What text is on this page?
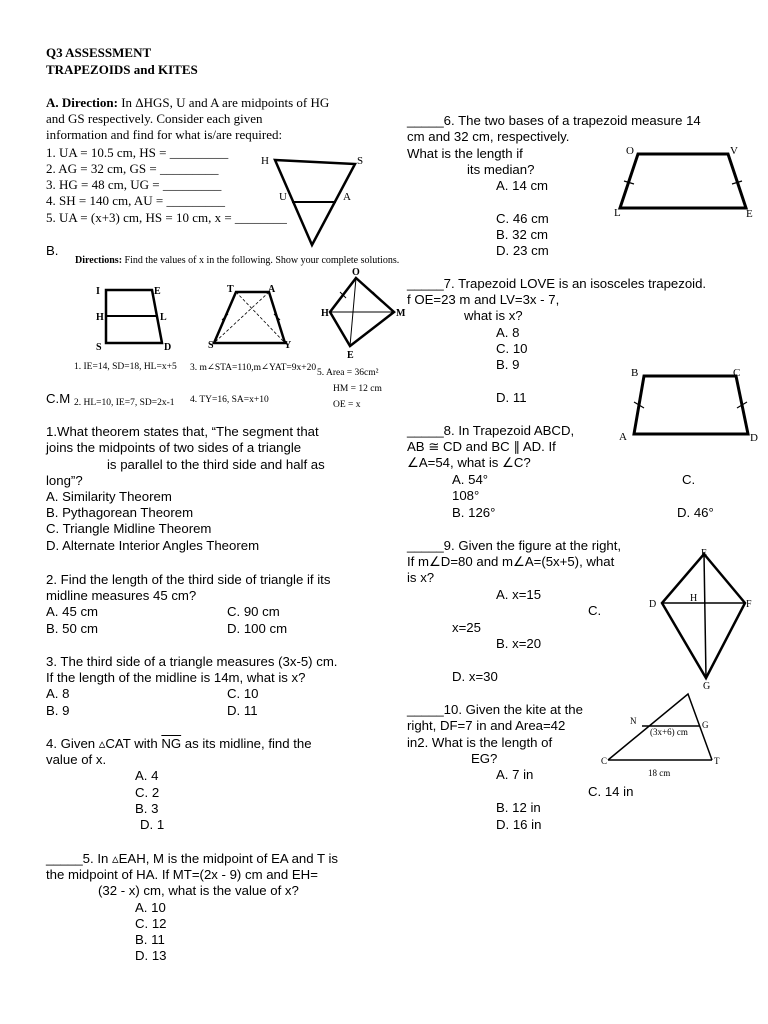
Q3 ASSESSMENT
TRAPEZOIDS and KITES
A. Direction: In ΔHGS, U and A are midpoints of HG
and GS respectively. Consider each given
information and find for what is/are required:
1. UA = 10.5 cm, HS = _________
2. AG = 32 cm, GS = _________
3. HG = 48 cm, UG = _________
4. SH = 140 cm, AU = _________
5. UA = (x+3) cm, HS = 10 cm, x = ________
H	S
U	A
B.
Directions: Find the values of x in the following. Show your complete solutions.
I	E
H	L
S	D
T	A
S	Y
O
H	M
E
1. IE=14, SD=18, HL=x+5
2. HL=10, IE=7, SD=2x-1
3. m∠STA=110,m∠YAT=9x+20
4. TY=16, SA=x+10
5. Area = 36cm²
HM = 12 cm
OE = x
C.M
1.What theorem states that, “The segment that
joins the midpoints of two sides of a triangle
is parallel to the third side and half as
long”?
A. Similarity Theorem
B. Pythagorean Theorem
C. Triangle Midline Theorem
D. Alternate Interior Angles Theorem
2. Find the length of the third side of triangle if its
midline measures 45 cm?
A. 45 cm	C. 90 cm
B. 50 cm	D. 100 cm
3. The third side of a triangle measures (3x-5) cm.
If the length of the midline is 14m, what is x?
A. 8	C. 10
B. 9	D. 11
4. Given ▵CAT with $\overline{NG}$ as its midline, find the
value of x.
A. 4
C. 2
B. 3
D. 1
_____5. In ▵EAH, M is the midpoint of EA and T is
the midpoint of HA. If MT=(2x - 9) cm and EH=
(32 - x) cm, what is the value of x?
A. 10
C. 12
B. 11
D. 13
_____6. The two bases of a trapezoid measure 14
cm and 32 cm, respectively.
What is the length if
its median?
A. 14 cm
C. 46 cm
B. 32 cm
D. 23 cm
O	V
L	E
_____7. Trapezoid LOVE is an isosceles trapezoid.
f OE=23 m and LV=3x - 7,
what is x?
A. 8
C. 10
B. 9
D. 11
B	C
A	D
_____8. In Trapezoid ABCD,
AB ≅ CD and BC ∥ AD. If
∠A=54, what is ∠C?
A. 54°	C.
108°
B. 126°	D. 46°
_____9. Given the figure at the right,
If m∠D=80 and m∠A=(5x+5), what
is x?
A. x=15
C.
x=25
B. x=20
D. x=30
E
D
H
F
G
_____10. Given the kite at the
right, DF=7 in and Area=42
in2. What is the length of
EG?
A. 7 in
C. 14 in
B. 12 in
D. 16 in
N	G
C	T
(3x+6) cm
18 cm
